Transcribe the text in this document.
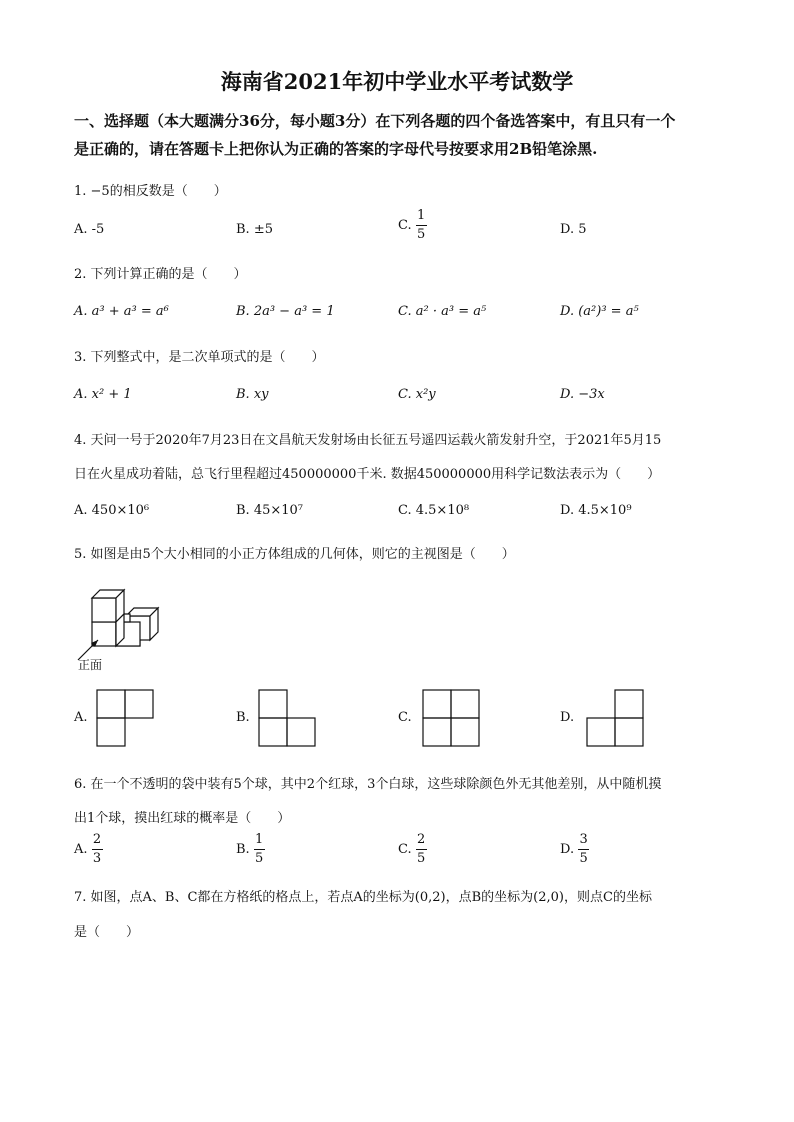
海南省2021年初中学业水平考试数学
一、选择题（本大题满分36分，每小题3分）在下列各题的四个备选答案中，有且只有一个
是正确的，请在答题卡上把你认为正确的答案的字母代号按要求用2B铅笔涂黑.
1. −5的相反数是（　　）
A. -5	B. ±5	C. $\frac{1}{5}$	D. 5
2. 下列计算正确的是（　　）
A. a³ + a³ = a⁶	B. 2a³ − a³ = 1	C. a² · a³ = a⁵	D. (a²)³ = a⁵
3. 下列整式中，是二次单项式的是（　　）
A. x² + 1	B. xy	C. x²y	D. −3x
4. 天问一号于2020年7月23日在文昌航天发射场由长征五号遥四运载火箭发射升空，于2021年5月15
日在火星成功着陆，总飞行里程超过450000000千米. 数据450000000用科学记数法表示为（　　）
A. 450×10⁶	B. 45×10⁷	C. 4.5×10⁸	D. 4.5×10⁹
5. 如图是由5个大小相同的小正方体组成的几何体，则它的主视图是（　　）
正面
A.	B.	C.	D.
6. 在一个不透明的袋中装有5个球，其中2个红球，3个白球，这些球除颜色外无其他差别，从中随机摸
出1个球，摸出红球的概率是（　　）
A. $\frac{2}{3}$	B. $\frac{1}{5}$	C. $\frac{2}{5}$	D. $\frac{3}{5}$
7. 如图，点A、B、C都在方格纸的格点上，若点A的坐标为(0,2)，点B的坐标为(2,0)，则点C的坐标
是（　　）
